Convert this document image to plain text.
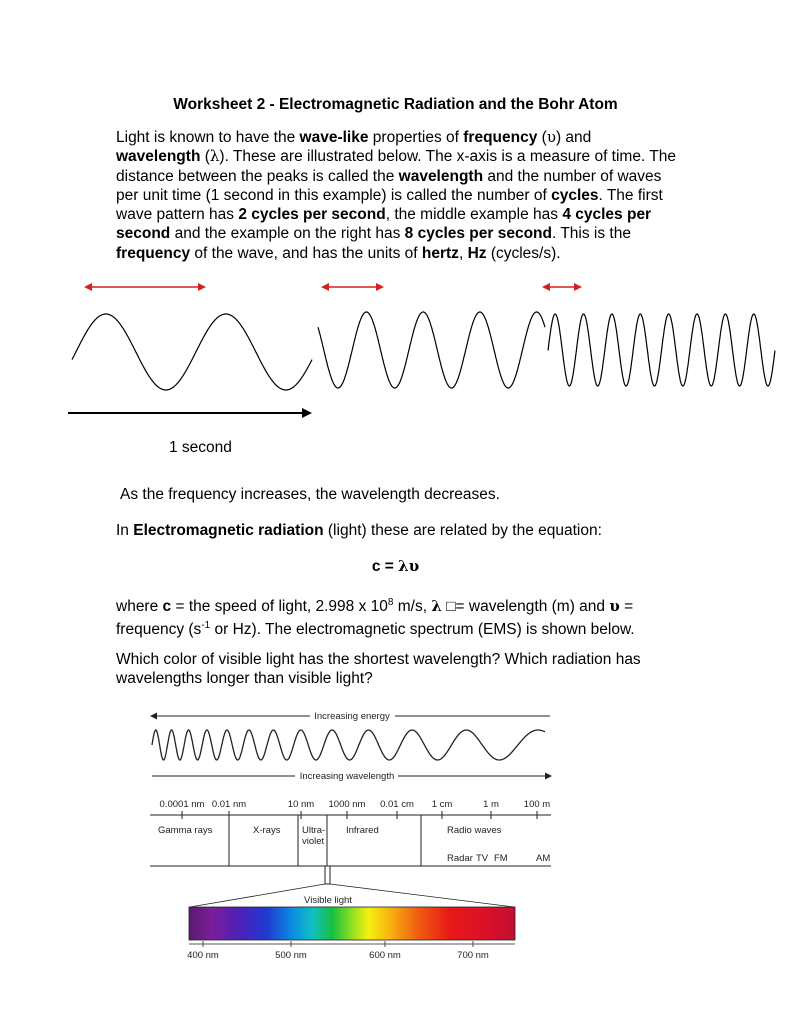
Worksheet 2 - Electromagnetic Radiation and the Bohr Atom
Light is known to have the wave-like properties of frequency (υ) and wavelength (λ). These are illustrated below. The x-axis is a measure of time. The distance between the peaks is called the wavelength and the number of waves per unit time (1 second in this example) is called the number of cycles. The first wave pattern has 2 cycles per second, the middle example has 4 cycles per second and the example on the right has 8 cycles per second. This is the frequency of the wave, and has the units of hertz, Hz (cycles/s).
Increasing energy
Increasing wavelength
0.0001 nm 0.01 nm	10 nm 1000 nm 0.01 cm 1 cm	1 m	100 m
Gamma rays	X-rays Ultra-
violet
Infrared	Radio waves
Radar TV FM	AM
Visible light
400 nm	500 nm	600 nm	700 nm
1 second
As the frequency increases, the wavelength decreases.
In Electromagnetic radiation (light) these are related by the equation:
c = λυ
where c = the speed of light, 2.998 x $10^8$ m/s, λ □= wavelength (m) and υ = frequency ($s^{-1}$ or Hz). The electromagnetic spectrum (EMS) is shown below.
Which color of visible light has the shortest wavelength? Which radiation has wavelengths longer than visible light?
